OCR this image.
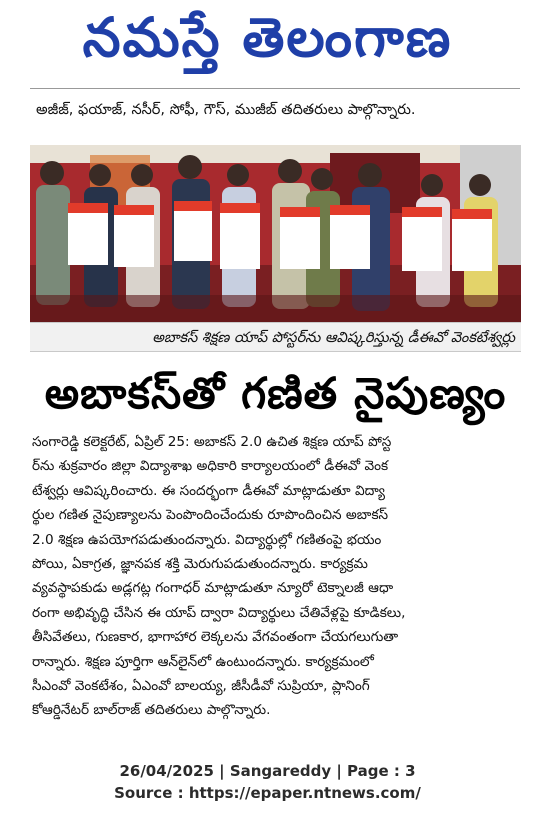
నమస్తే తెలంగాణ
అజీజ్, ఫయాజ్, నసీర్, సోఫీ, గౌస్, ముజీబ్ తదితరులు పాల్గొన్నారు.
అబాకస్ శిక్షణ యాప్ పోస్టర్‌ను ఆవిష్కరిస్తున్న డీఈవో వెంకటేశ్వర్లు
అబాకస్‌తో గణిత నైపుణ్యం
సంగారెడ్డి కలెక్టరేట్, ఏప్రిల్ 25: అబాకస్ 2.0 ఉచిత శిక్షణ యాప్ పోస్ట
ర్‌ను శుక్రవారం జిల్లా విద్యాశాఖ అధికారి కార్యాలయంలో డీఈవో వెంక
టేశ్వర్లు ఆవిష్కరించారు. ఈ సందర్భంగా డీఈవో మాట్లాడుతూ విద్యా
ర్థుల గణిత నైపుణ్యాలను పెంపొందించేందుకు రూపొందించిన అబాకస్
2.0 శిక్షణ ఉపయోగపడుతుందన్నారు. విద్యార్థుల్లో గణితంపై భయం
పోయి, ఏకాగ్రత, జ్ఞానపక శక్తి మెరుగుపడుతుందన్నారు. కార్యక్రమ
వ్యవస్థాపకుడు అడ్లగట్ల గంగాధర్ మాట్లాడుతూ న్యూరో టెక్నాలజీ ఆధా
రంగా అభివృద్ధి చేసిన ఈ యాప్ ద్వారా విద్యార్థులు చేతివేళ్లపై కూడికలు,
తీసివేతలు, గుణకార, భాగాహార లెక్కలను వేగవంతంగా చేయగలుగుతా
రాన్నారు. శిక్షణ పూర్తిగా ఆన్‌లైన్‌లో ఉంటుందన్నారు. కార్యక్రమంలో
సీఎంవో వెంకటేశం, ఏఎంవో బాలయ్య, జీసీడీవో సుప్రియా, ప్లానింగ్
కోఆర్డినేటర్ బాల్‌రాజ్ తదితరులు పాల్గొన్నారు.
26/04/2025 | Sangareddy | Page : 3
Source : https://epaper.ntnews.com/
